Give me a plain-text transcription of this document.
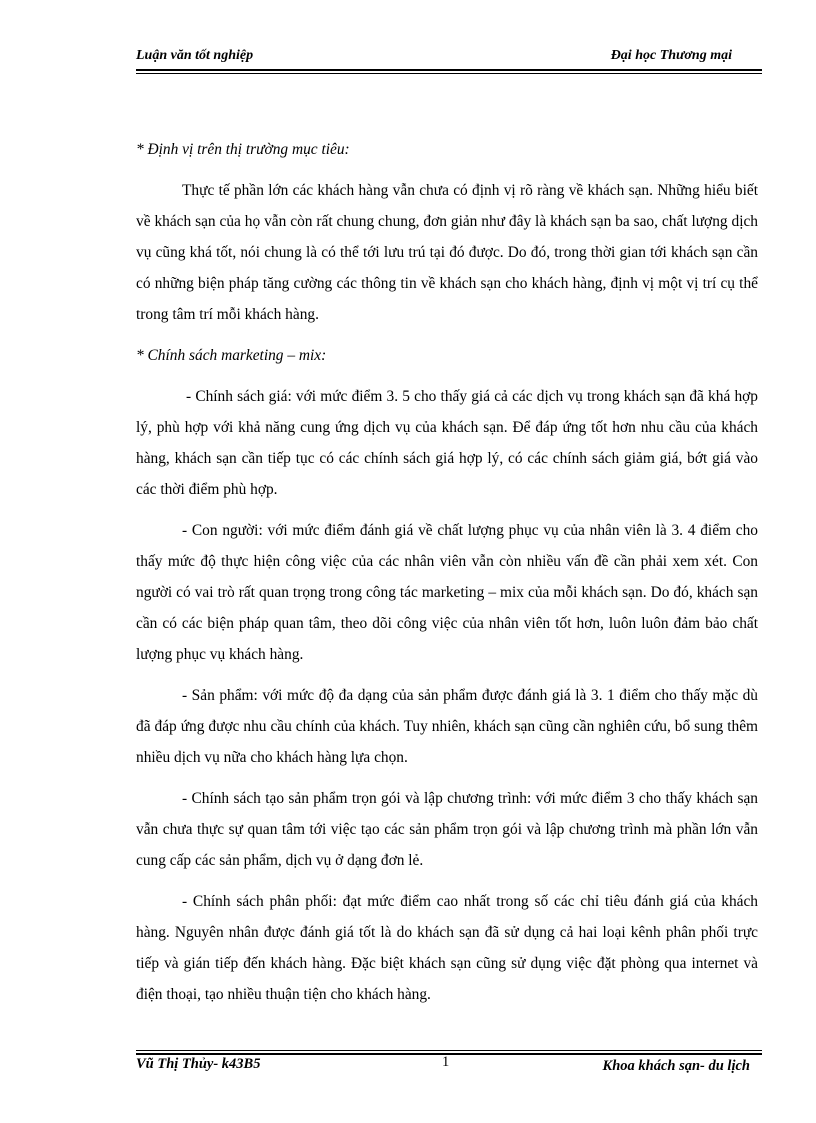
Luận văn tốt nghiệp	Đại học Thương mại

* Định vị trên thị trường mục tiêu:

Thực tế phần lớn các khách hàng vẫn chưa có định vị rõ ràng về khách sạn. Những hiểu biết về khách sạn của họ vẫn còn rất chung chung, đơn giản như đây là khách sạn ba sao, chất lượng dịch vụ cũng khá tốt, nói chung là có thể tới lưu trú tại đó được. Do đó, trong thời gian tới khách sạn cần có những biện pháp tăng cường các thông tin về khách sạn cho khách hàng, định vị một vị trí cụ thể trong tâm trí mỗi khách hàng.

* Chính sách marketing – mix:

- Chính sách giá: với mức điểm 3. 5 cho thấy giá cả các dịch vụ trong khách sạn đã khá hợp lý, phù hợp với khả năng cung ứng dịch vụ của khách sạn. Để đáp ứng tốt hơn nhu cầu của khách hàng, khách sạn cần tiếp tục có các chính sách giá hợp lý, có các chính sách giảm giá, bớt giá vào các thời điểm phù hợp.

- Con người: với mức điểm đánh giá về chất lượng phục vụ của nhân viên là 3. 4 điểm cho thấy mức độ thực hiện công việc của các nhân viên vẫn còn nhiều vấn đề cần phải xem xét. Con người có vai trò rất quan trọng trong công tác marketing – mix của mỗi khách sạn. Do đó, khách sạn cần có các biện pháp quan tâm, theo dõi công việc của nhân viên tốt hơn, luôn luôn đảm bảo chất lượng phục vụ khách hàng.

- Sản phẩm: với mức độ đa dạng của sản phẩm được đánh giá là 3. 1 điểm cho thấy mặc dù đã đáp ứng được nhu cầu chính của khách. Tuy nhiên, khách sạn cũng cần nghiên cứu, bổ sung thêm nhiều dịch vụ nữa cho khách hàng lựa chọn.

- Chính sách tạo sản phẩm trọn gói và lập chương trình: với mức điểm 3 cho thấy khách sạn vẫn chưa thực sự quan tâm tới việc tạo các sản phẩm trọn gói và lập chương trình mà phần lớn vẫn cung cấp các sản phẩm, dịch vụ ở dạng đơn lẻ.

- Chính sách phân phối: đạt mức điểm cao nhất trong số các chỉ tiêu đánh giá của khách hàng. Nguyên nhân được đánh giá tốt là do khách sạn đã sử dụng cả hai loại kênh phân phối trực tiếp và gián tiếp đến khách hàng. Đặc biệt khách sạn cũng sử dụng việc đặt phòng qua internet và điện thoại, tạo nhiều thuận tiện cho khách hàng.

Vũ Thị Thủy- k43B5	1	Khoa khách sạn- du lịch
